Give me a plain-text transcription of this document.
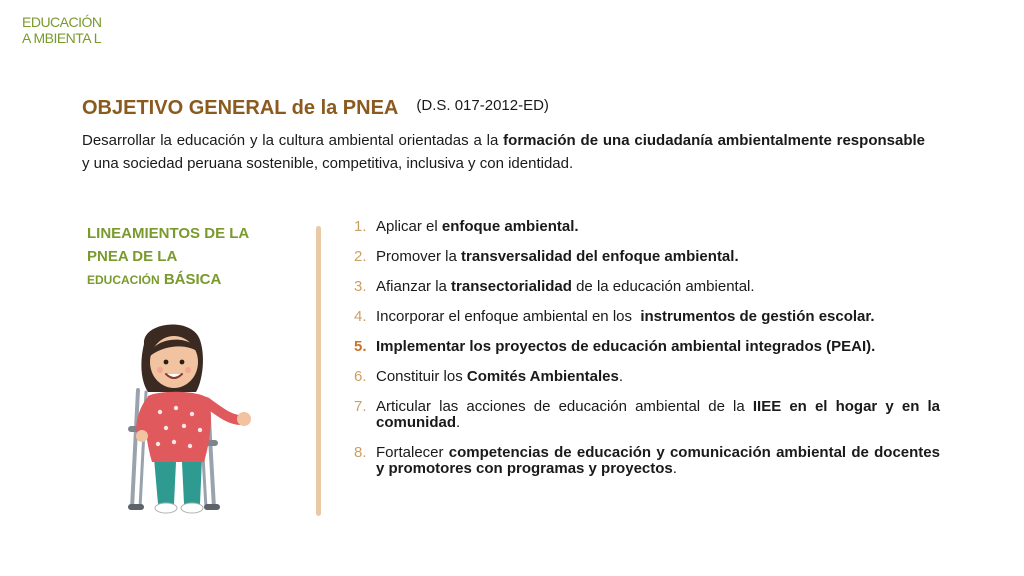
EDUCACIÓN
A MBIENTA L
OBJETIVO GENERAL de la PNEA (D.S. 017-2012-ED)

Desarrollar la educación y la cultura ambiental orientadas a la formación de una ciudadanía ambientalmente responsable y una sociedad peruana sostenible, competitiva, inclusiva y con identidad.

LINEAMIENTOS DE LA
PNEA DE LA
EDUCACIÓN BÁSICA

1. Aplicar el enfoque ambiental.
2. Promover la transversalidad del enfoque ambiental.
3. Afianzar la transectorialidad de la educación ambiental.
4. Incorporar el enfoque ambiental en los  instrumentos de gestión escolar.
5. Implementar los proyectos de educación ambiental integrados (PEAI).
6. Constituir los Comités Ambientales.
7. Articular las acciones de educación ambiental de la IIEE en el hogar y en la comunidad.
8. Fortalecer competencias de educación y comunicación ambiental de docentes y promotores con programas y proyectos.
